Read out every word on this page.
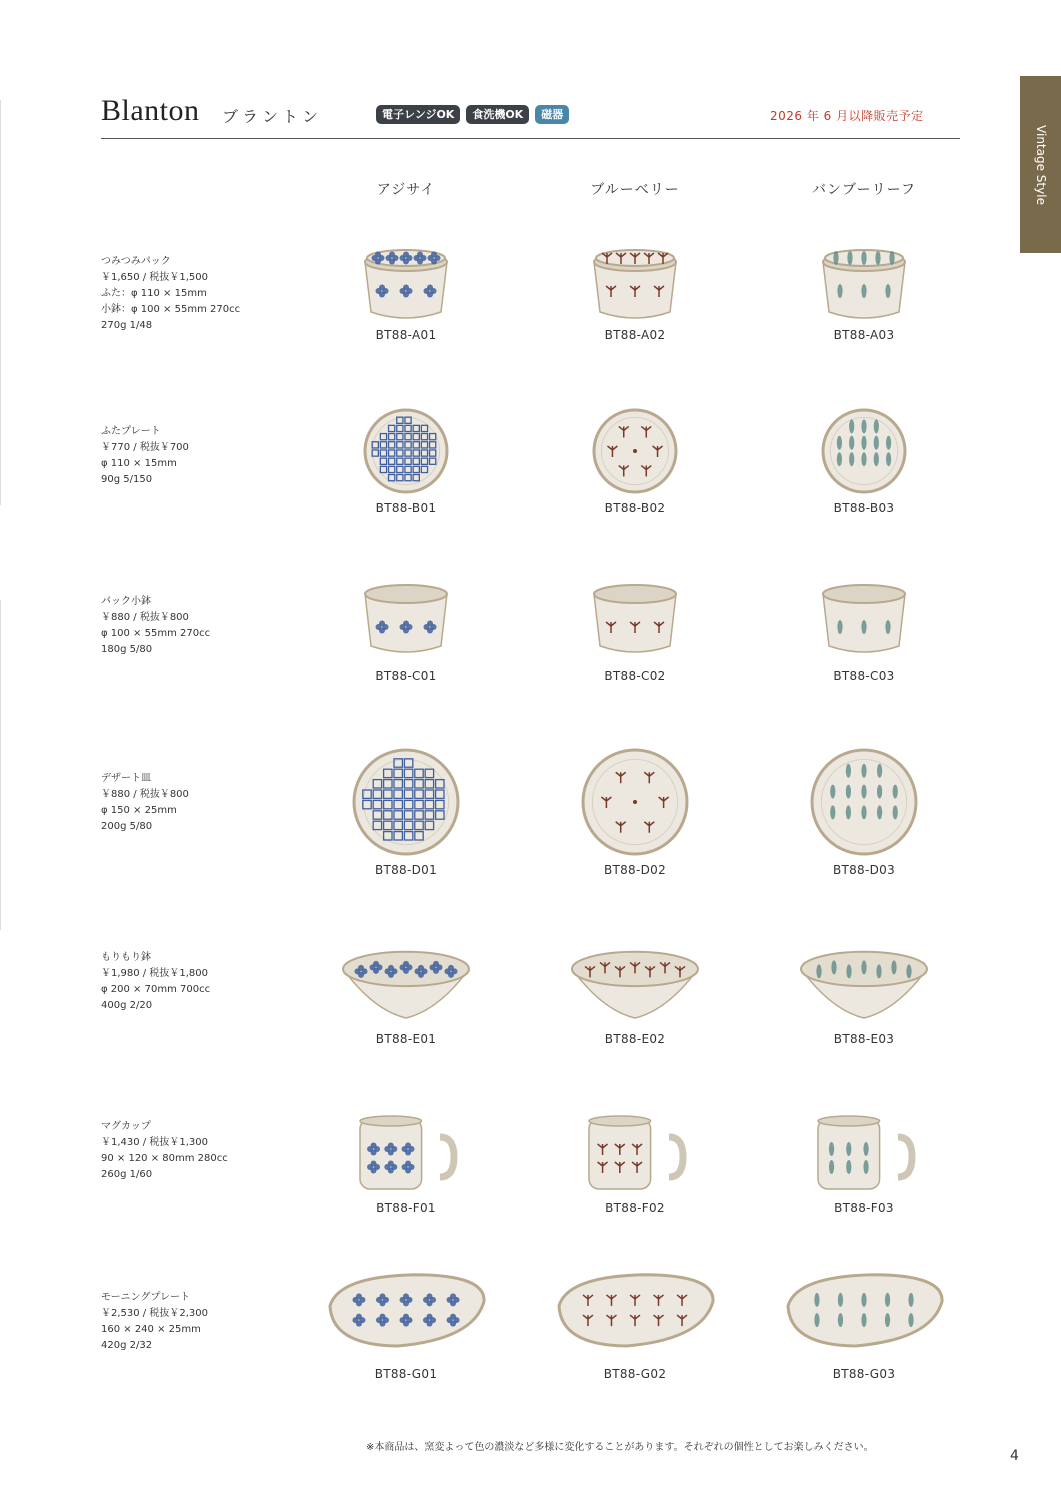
Blanton ブラントン	電子レンジOK	食洗機OK	磁器	2026 年 6 月以降販売予定
Vintage Style
アジサイ	ブルーベリー	バンブーリーフ
つみつみパック
￥1,650 / 税抜￥1,500
ふた：φ 110 × 15mm
小鉢：φ 100 × 55mm 270cc
270g 1/48
BT88-A01	BT88-A02	BT88-A03
ふたプレート
￥770 / 税抜￥700
φ 110 × 15mm
90g 5/150
BT88-B01	BT88-B02	BT88-B03
パック小鉢
￥880 / 税抜￥800
φ 100 × 55mm 270cc
180g 5/80
BT88-C01	BT88-C02	BT88-C03
デザート皿
￥880 / 税抜￥800
φ 150 × 25mm
200g 5/80
BT88-D01	BT88-D02	BT88-D03
もりもり鉢
￥1,980 / 税抜￥1,800
φ 200 × 70mm 700cc
400g 2/20
BT88-E01	BT88-E02	BT88-E03
マグカップ
￥1,430 / 税抜￥1,300
90 × 120 × 80mm 280cc
260g 1/60
BT88-F01	BT88-F02	BT88-F03
モーニングプレート
￥2,530 / 税抜￥2,300
160 × 240 × 25mm
420g 2/32
BT88-G01	BT88-G02	BT88-G03
※本商品は、窯変よって色の濃淡など多様に変化することがあります。それぞれの個性としてお楽しみください。
4
